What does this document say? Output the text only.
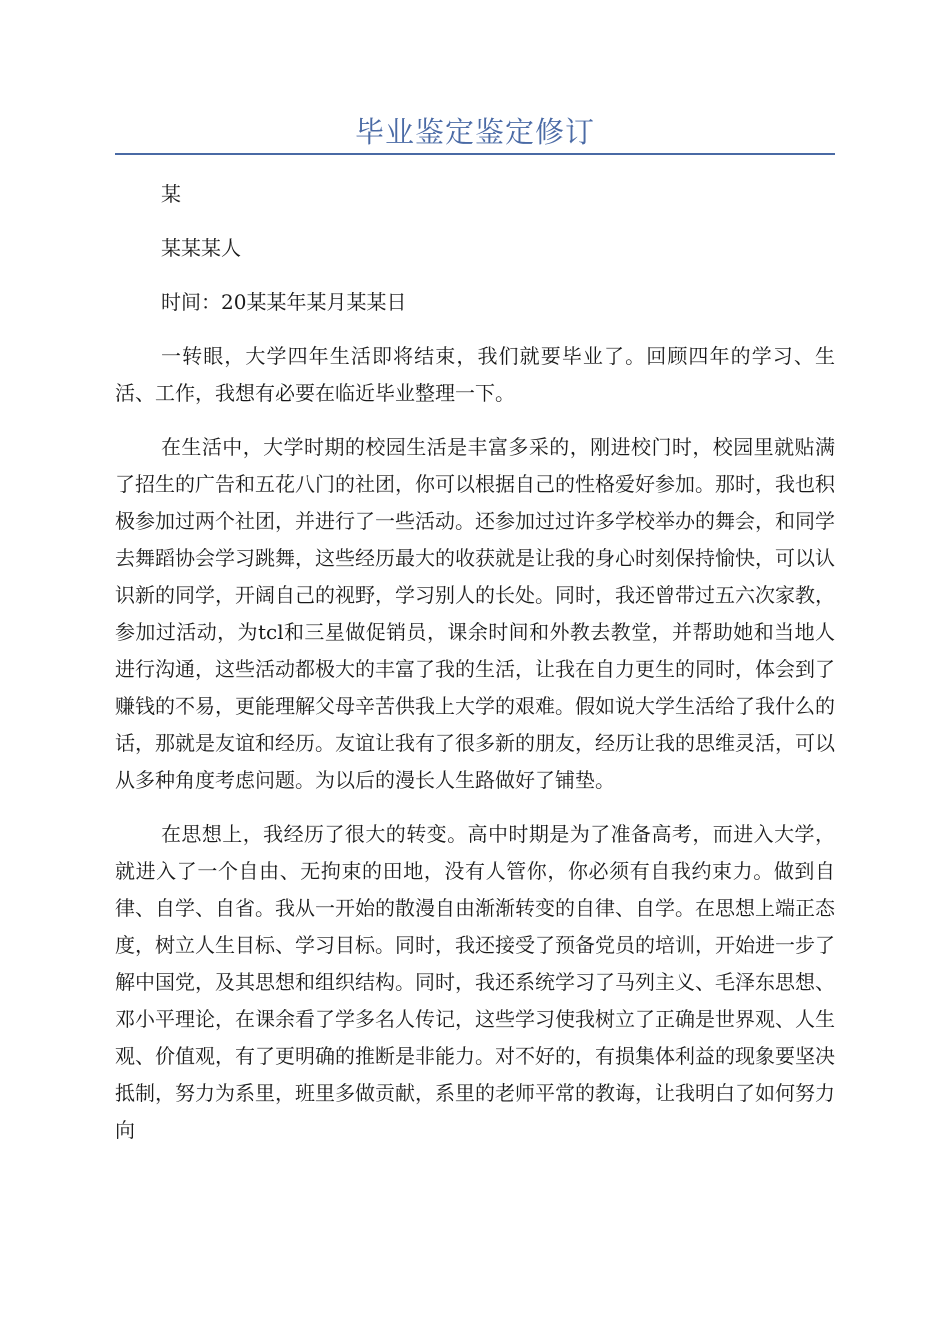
毕业鉴定鉴定修订

某

某某某人

时间：20某某年某月某某日

一转眼，大学四年生活即将结束，我们就要毕业了。回顾四年的学习、生活、工作，我想有必要在临近毕业整理一下。

在生活中，大学时期的校园生活是丰富多采的，刚进校门时，校园里就贴满了招生的广告和五花八门的社团，你可以根据自己的性格爱好参加。那时，我也积极参加过两个社团，并进行了一些活动。还参加过过许多学校举办的舞会，和同学去舞蹈协会学习跳舞，这些经历最大的收获就是让我的身心时刻保持愉快，可以认识新的同学，开阔自己的视野，学习别人的长处。同时，我还曾带过五六次家教，参加过活动，为tcl和三星做促销员，课余时间和外教去教堂，并帮助她和当地人进行沟通，这些活动都极大的丰富了我的生活，让我在自力更生的同时，体会到了赚钱的不易，更能理解父母辛苦供我上大学的艰难。假如说大学生活给了我什么的话，那就是友谊和经历。友谊让我有了很多新的朋友，经历让我的思维灵活，可以从多种角度考虑问题。为以后的漫长人生路做好了铺垫。

在思想上，我经历了很大的转变。高中时期是为了准备高考，而进入大学，就进入了一个自由、无拘束的田地，没有人管你，你必须有自我约束力。做到自律、自学、自省。我从一开始的散漫自由渐渐转变的自律、自学。在思想上端正态度，树立人生目标、学习目标。同时，我还接受了预备党员的培训，开始进一步了解中国党，及其思想和组织结构。同时，我还系统学习了马列主义、毛泽东思想、邓小平理论，在课余看了学多名人传记，这些学习使我树立了正确是世界观、人生观、价值观，有了更明确的推断是非能力。对不好的，有损集体利益的现象要坚决抵制，努力为系里，班里多做贡献，系里的老师平常的教诲，让我明白了如何努力向
